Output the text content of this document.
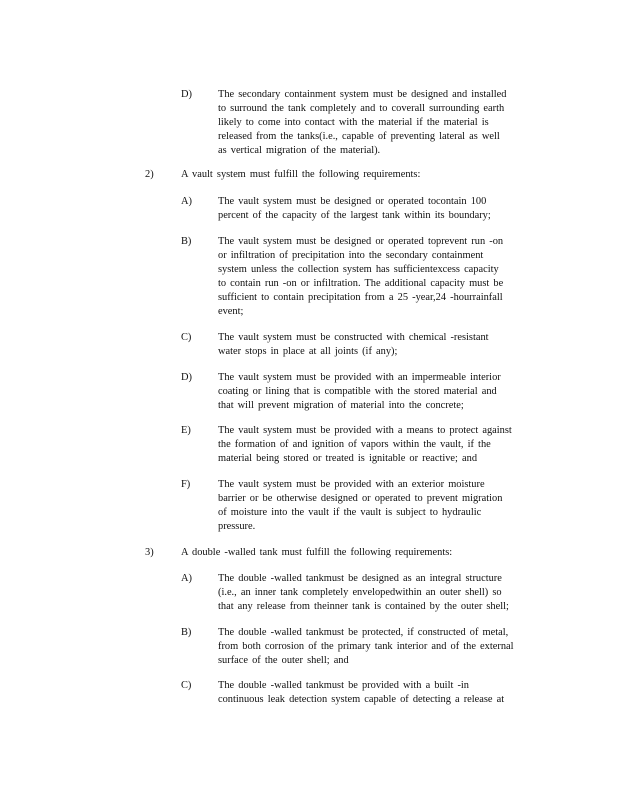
D)	The secondary containment system must be designed and installed
to surround the tank completely and to coverall surrounding earth
likely to come into contact with the material if the material is
released from the tanks(i.e., capable of preventing lateral as well
as vertical migration of the material).
2)	A vault system must fulfill the following requirements:
A)	The vault system must be designed or operated tocontain 100
percent of the capacity of the largest tank within its boundary;
B)	The vault system must be designed or operated toprevent run -on
or infiltration of precipitation into the secondary containment
system unless the collection system has sufficientexcess capacity
to contain run -on or infiltration. The additional capacity must be
sufficient to contain precipitation from a 25 -year,24 -hourrainfall
event;
C)	The vault system must be constructed with chemical -resistant
water stops in place at all joints (if any);
D)	The vault system must be provided with an impermeable interior
coating or lining that is compatible with the stored material and
that will prevent migration of material into the concrete;
E)	The vault system must be provided with a means to protect against
the formation of and ignition of vapors within the vault, if the
material being stored or treated is ignitable or reactive; and
F)	The vault system must be provided with an exterior moisture
barrier or be otherwise designed or operated to prevent migration
of moisture into the vault if the vault is subject to hydraulic
pressure.
3)	A double -walled tank must fulfill the following requirements:
A)	The double -walled tankmust be designed as an integral structure
(i.e., an inner tank completely envelopedwithin an outer shell) so
that any release from theinner tank is contained by the outer shell;
B)	The double -walled tankmust be protected, if constructed of metal,
from both corrosion of the primary tank interior and of the external
surface of the outer shell; and
C)	The double -walled tankmust be provided with a built -in
continuous leak detection system capable of detecting a release at
